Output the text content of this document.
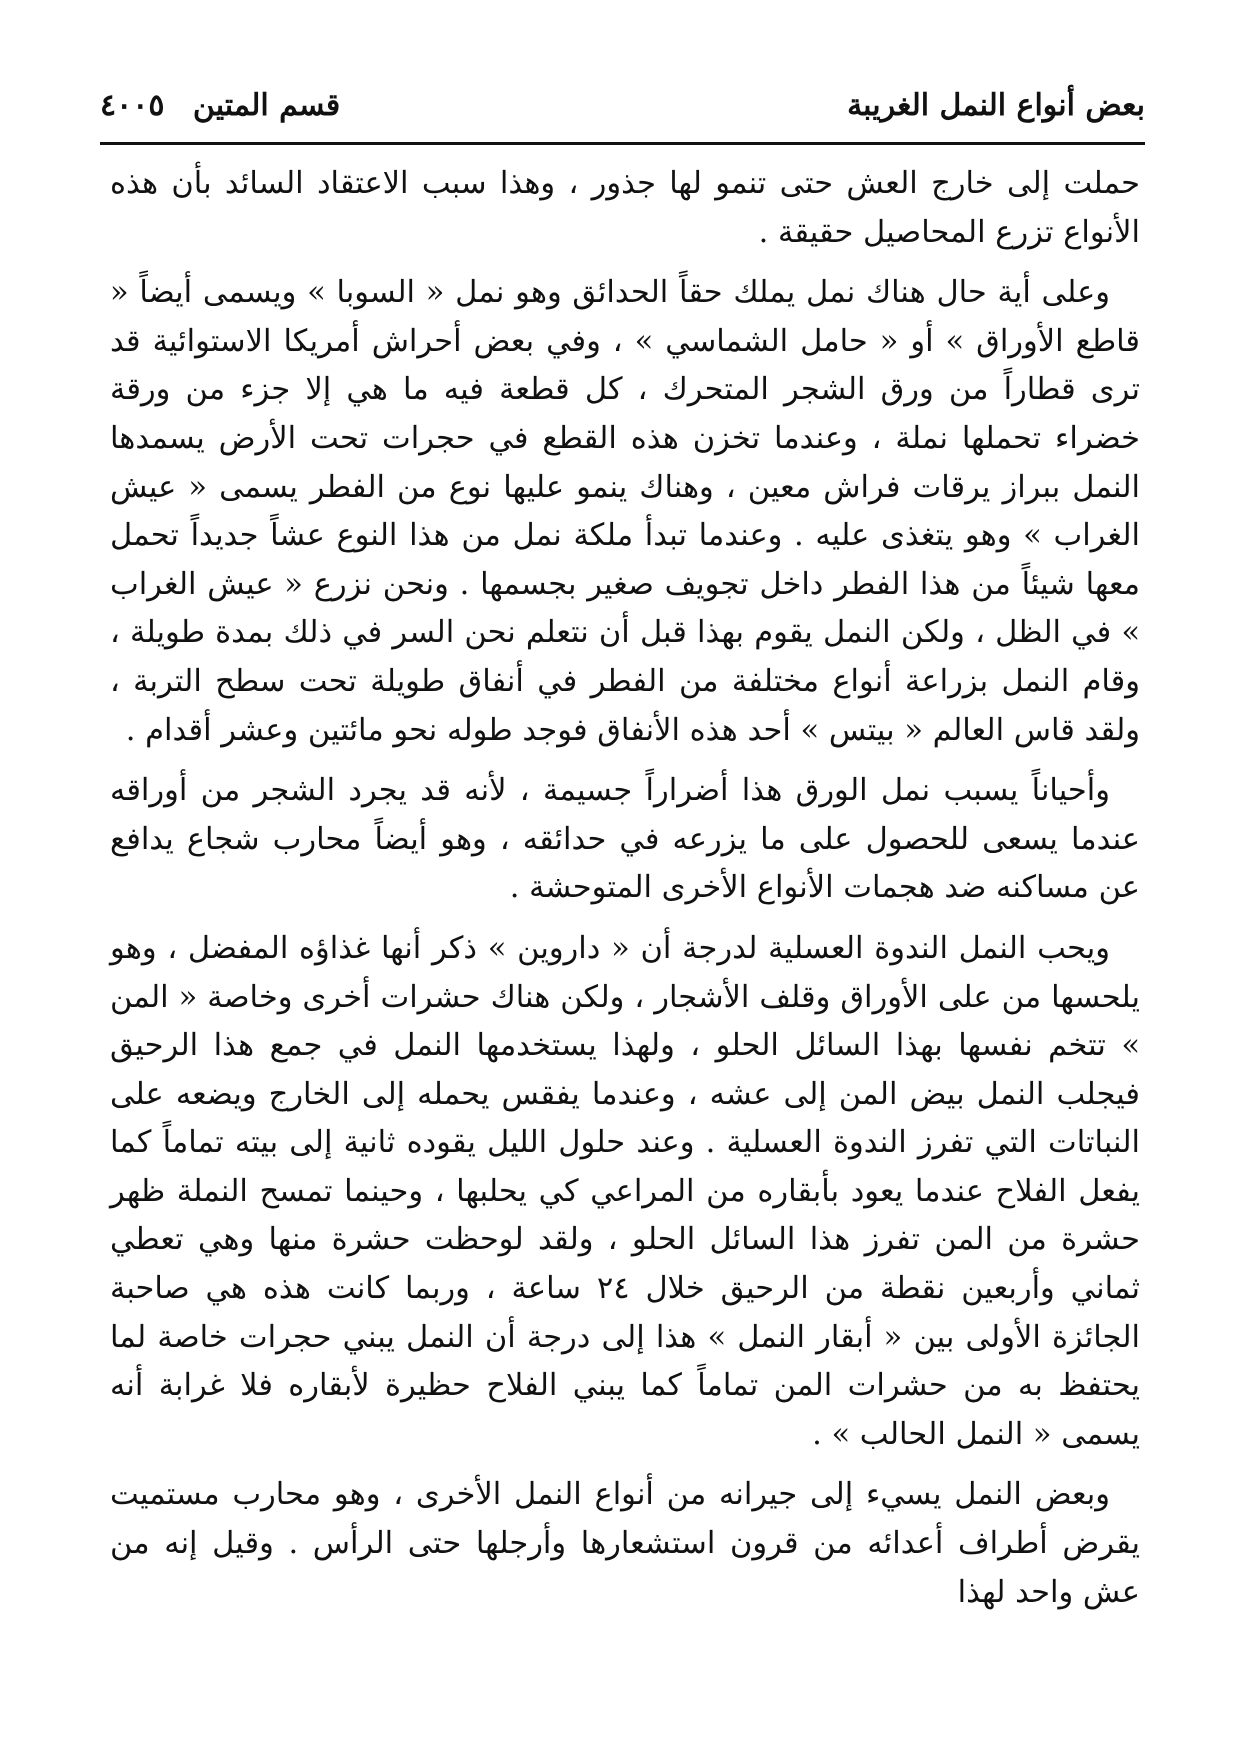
بعض أنواع النمل الغريبة
قسم المتين ٤٠٠٥

حملت إلى خارج العش حتى تنمو لها جذور ، وهذا سبب الاعتقاد السائد بأن هذه الأنواع تزرع المحاصيل حقيقة .

وعلى أية حال هناك نمل يملك حقاً الحدائق وهو نمل « السوبا » ويسمى أيضاً « قاطع الأوراق » أو « حامل الشماسي » ، وفي بعض أحراش أمريكا الاستوائية قد ترى قطاراً من ورق الشجر المتحرك ، كل قطعة فيه ما هي إلا جزء من ورقة خضراء تحملها نملة ، وعندما تخزن هذه القطع في حجرات تحت الأرض يسمدها النمل ببراز يرقات فراش معين ، وهناك ينمو عليها نوع من الفطر يسمى « عيش الغراب » وهو يتغذى عليه . وعندما تبدأ ملكة نمل من هذا النوع عشاً جديداً تحمل معها شيئاً من هذا الفطر داخل تجويف صغير بجسمها . ونحن نزرع « عيش الغراب » في الظل ، ولكن النمل يقوم بهذا قبل أن نتعلم نحن السر في ذلك بمدة طويلة ، وقام النمل بزراعة أنواع مختلفة من الفطر في أنفاق طويلة تحت سطح التربة ، ولقد قاس العالم « بيتس » أحد هذه الأنفاق فوجد طوله نحو مائتين وعشر أقدام .

وأحياناً يسبب نمل الورق هذا أضراراً جسيمة ، لأنه قد يجرد الشجر من أوراقه عندما يسعى للحصول على ما يزرعه في حدائقه ، وهو أيضاً محارب شجاع يدافع عن مساكنه ضد هجمات الأنواع الأخرى المتوحشة .

ويحب النمل الندوة العسلية لدرجة أن « داروين » ذكر أنها غذاؤه المفضل ، وهو يلحسها من على الأوراق وقلف الأشجار ، ولكن هناك حشرات أخرى وخاصة « المن » تتخم نفسها بهذا السائل الحلو ، ولهذا يستخدمها النمل في جمع هذا الرحيق فيجلب النمل بيض المن إلى عشه ، وعندما يفقس يحمله إلى الخارج ويضعه على النباتات التي تفرز الندوة العسلية . وعند حلول الليل يقوده ثانية إلى بيته تماماً كما يفعل الفلاح عندما يعود بأبقاره من المراعي كي يحلبها ، وحينما تمسح النملة ظهر حشرة من المن تفرز هذا السائل الحلو ، ولقد لوحظت حشرة منها وهي تعطي ثماني وأربعين نقطة من الرحيق خلال ٢٤ ساعة ، وربما كانت هذه هي صاحبة الجائزة الأولى بين « أبقار النمل » هذا إلى درجة أن النمل يبني حجرات خاصة لما يحتفظ به من حشرات المن تماماً كما يبني الفلاح حظيرة لأبقاره فلا غرابة أنه يسمى « النمل الحالب » .

وبعض النمل يسيء إلى جيرانه من أنواع النمل الأخرى ، وهو محارب مستميت يقرض أطراف أعدائه من قرون استشعارها وأرجلها حتى الرأس . وقيل إنه من عش واحد لهذا
